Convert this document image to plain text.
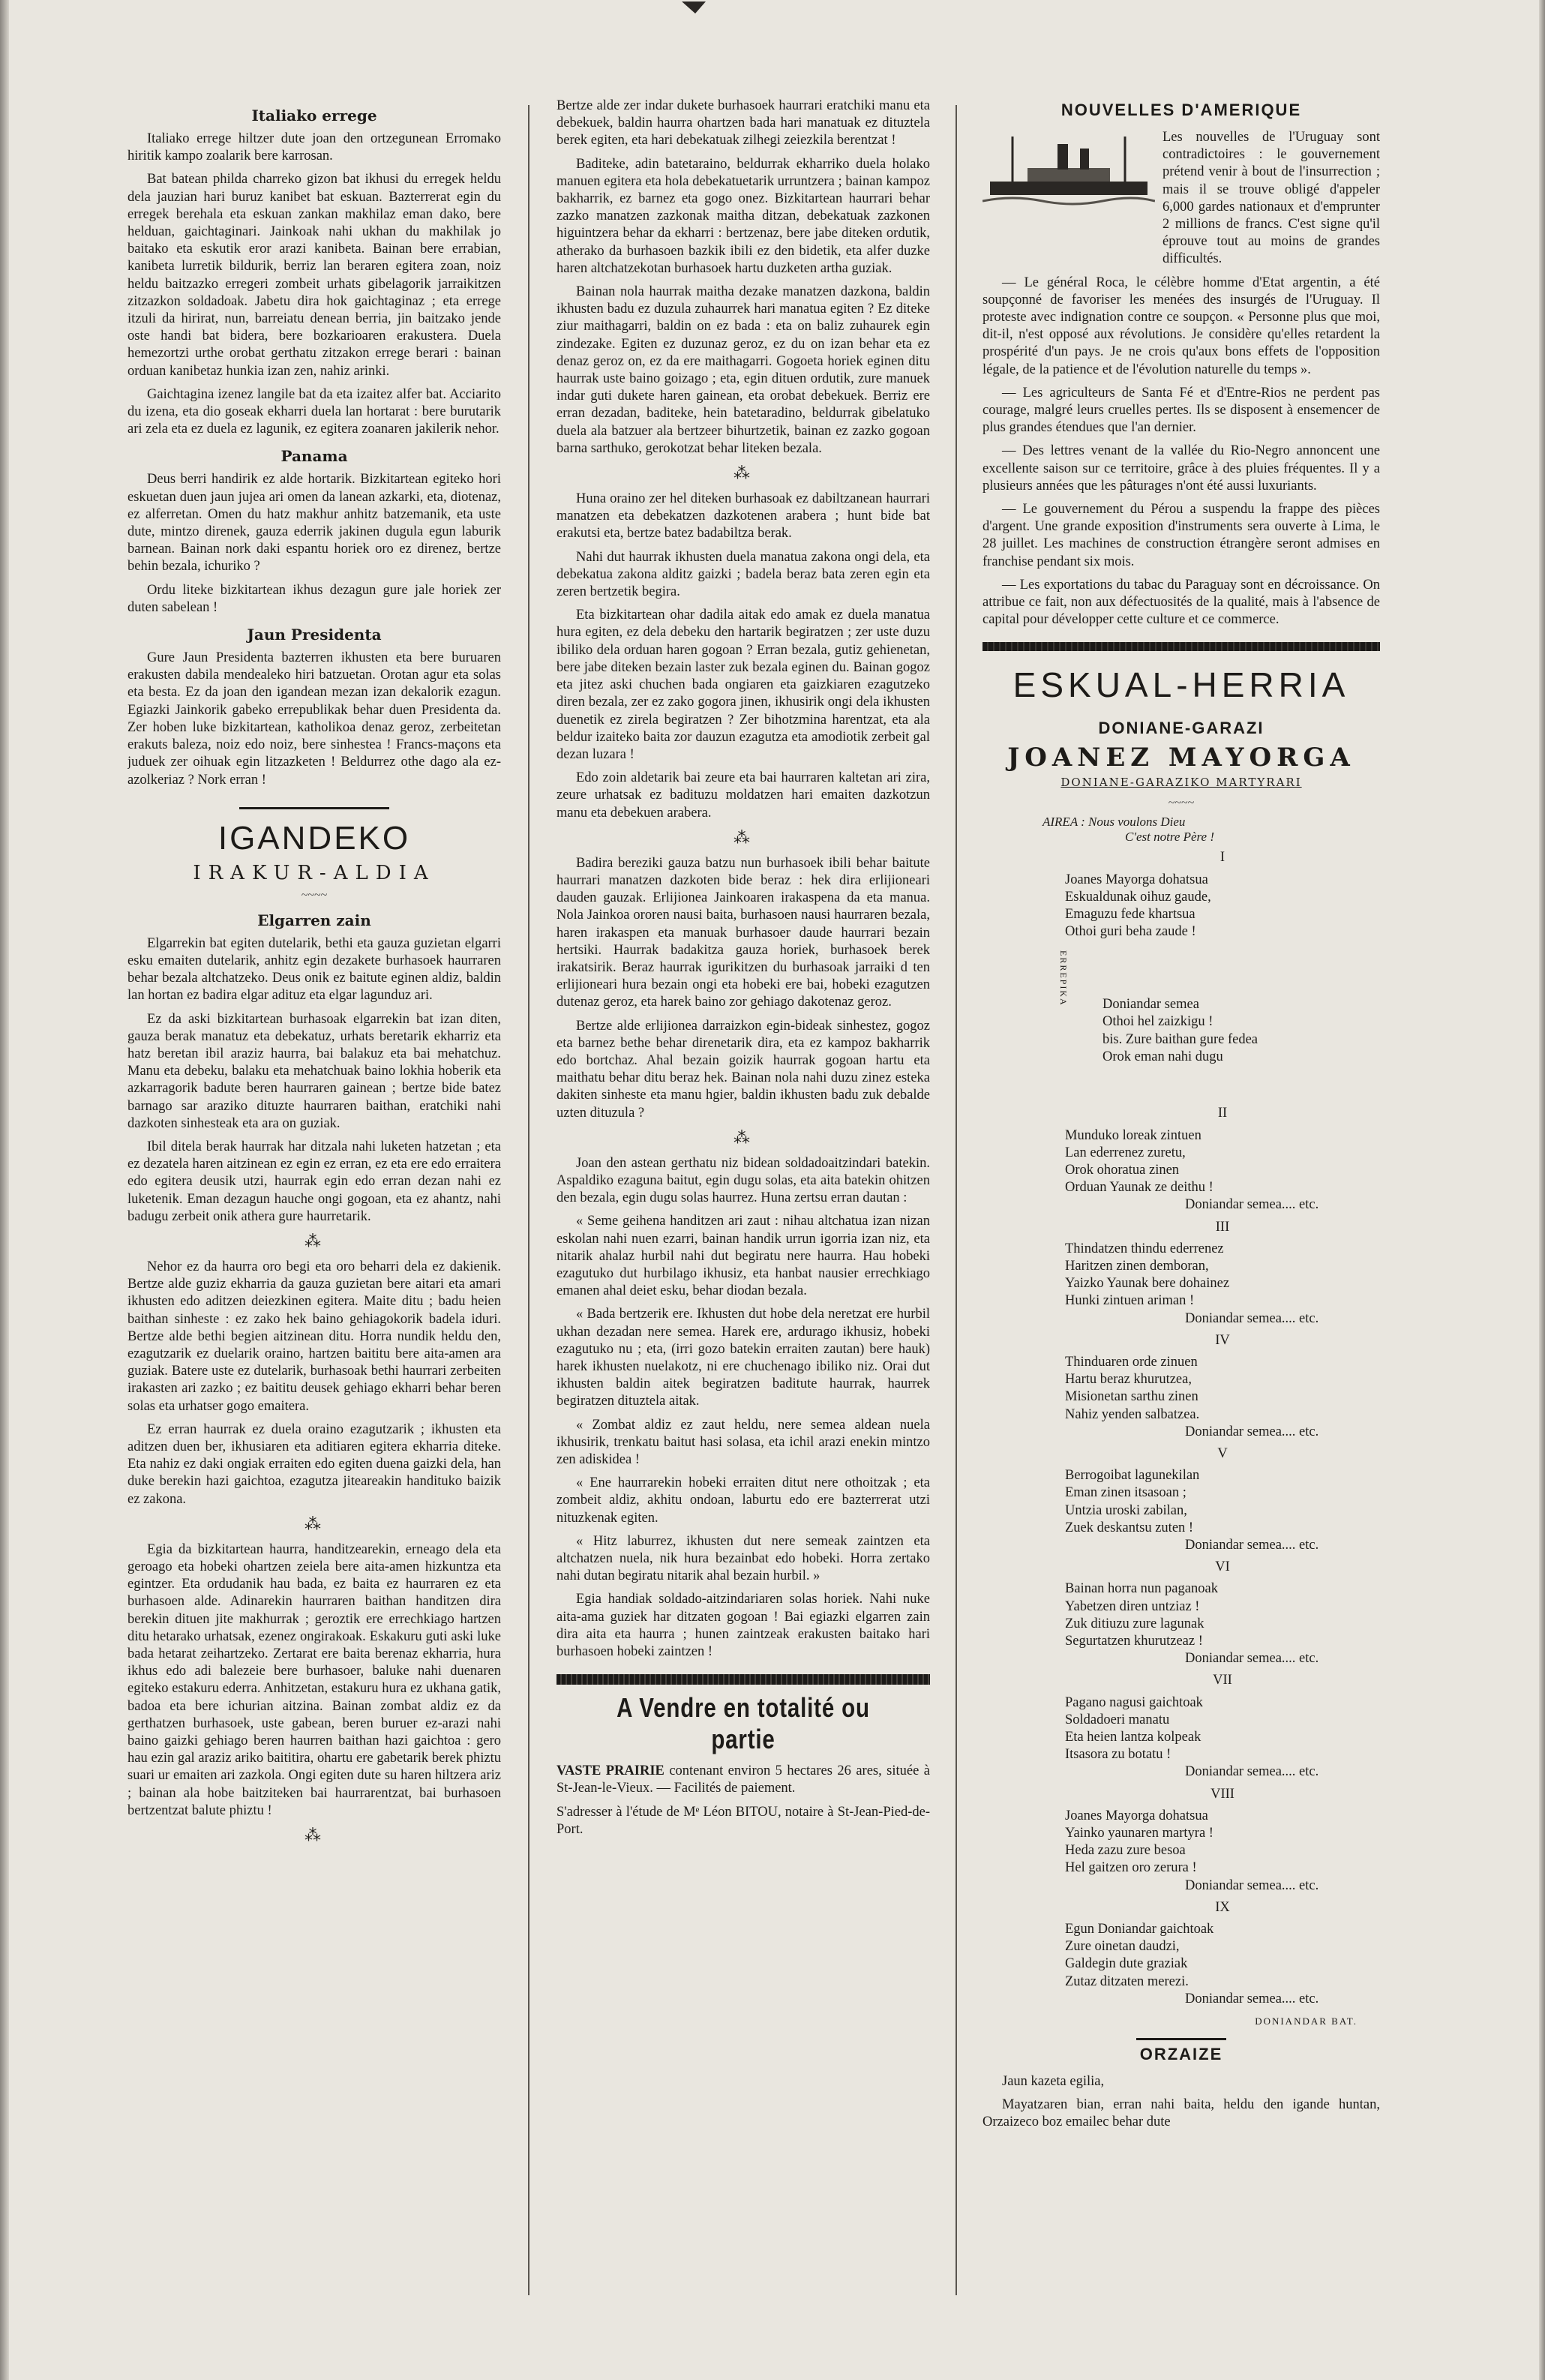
Italiako errege

Italiako errege hiltzer dute joan den ortzegunean Erromako hiritik kampo zoalarik bere karrosan.

Bat batean philda charreko gizon bat ikhusi du erregek heldu dela jauzian hari buruz kanibet bat eskuan. Bazterrerat egin du erregek berehala eta eskuan zankan makhilaz eman dako, bere helduan, gaichtaginari. Jainkoak nahi ukhan du makhilak jo baitako eta eskutik eror arazi kanibeta. Bainan bere errabian, kanibeta lurretik bildurik, berriz lan beraren egitera zoan, noiz heldu baitzazko erregeri zombeit urhats gibelagorik jarraikitzen zitzazkon soldadoak. Jabetu dira hok gaichtaginaz ; eta errege itzuli da hirirat, nun, barreiatu denean berria, jin baitzako jende oste handi bat bidera, bere bozkarioaren erakustera. Duela hemezortzi urthe orobat gerthatu zitzakon errege berari : bainan orduan kanibetaz hunkia izan zen, nahiz arinki.

Gaichtagina izenez langile bat da eta izaitez alfer bat. Acciarito du izena, eta dio goseak ekharri duela lan hortarat : bere burutarik ari zela eta ez duela ez lagunik, ez egitera zoanaren jakilerik nehor.

Panama

Deus berri handirik ez alde hortarik. Bizkitartean egiteko hori eskuetan duen jaun jujea ari omen da lanean azkarki, eta, diotenaz, ez alferretan. Omen du hatz makhur anhitz batzemanik, eta uste dute, mintzo direnek, gauza ederrik jakinen dugula egun laburik barnean. Bainan nork daki espantu horiek oro ez direnez, bertze behin bezala, ichuriko ?

Ordu liteke bizkitartean ikhus dezagun gure jale horiek zer duten sabelean !

Jaun Presidenta

Gure Jaun Presidenta bazterren ikhusten eta bere buruaren erakusten dabila mendealeko hiri batzuetan. Orotan agur eta solas eta besta. Ez da joan den igandean mezan izan dekalorik ezagun. Egiazki Jainkorik gabeko errepublikak behar duen Presidenta da. Zer hoben luke bizkitartean, katholikoa denaz geroz, zerbeitetan erakuts baleza, noiz edo noiz, bere sinhestea ! Francs-maçons eta juduek zer oihuak egin litzazketen ! Beldurrez othe dago ala ez-azolkeriaz ? Nork erran !

IGANDEKO
IRAKUR-ALDIA
~~~~
Elgarren zain

Elgarrekin bat egiten dutelarik, bethi eta gauza guzietan elgarri esku emaiten dutelarik, anhitz egin dezakete burhasoek haurraren behar bezala altchatzeko. Deus onik ez baitute eginen aldiz, baldin lan hortan ez badira elgar adituz eta elgar lagunduz ari.

Ez da aski bizkitartean burhasoak elgarrekin bat izan diten, gauza berak manatuz eta debekatuz, urhats beretarik ekharriz eta hatz beretan ibil araziz haurra, bai balakuz eta bai mehatchuz. Manu eta debeku, balaku eta mehatchuak baino lokhia hoberik eta azkarragorik badute beren haurraren gainean ; bertze bide batez barnago sar araziko dituzte haurraren baithan, eratchiki nahi dazkoten sinhesteak eta ara on guziak.

Ibil ditela berak haurrak har ditzala nahi luketen hatzetan ; eta ez dezatela haren aitzinean ez egin ez erran, ez eta ere edo erraitera edo egitera deusik utzi, haurrak egin edo erran dezan nahi ez luketenik. Eman dezagun hauche ongi gogoan, eta ez ahantz, nahi badugu zerbeit onik athera gure haurretarik.

⁂

Nehor ez da haurra oro begi eta oro beharri dela ez dakienik. Bertze alde guziz ekharria da gauza guzietan bere aitari eta amari ikhusten edo aditzen deiezkinen egitera. Maite ditu ; badu heien baithan sinheste : ez zako hek baino gehiagokorik badela iduri. Bertze alde bethi begien aitzinean ditu. Horra nundik heldu den, ezagutzarik ez duelarik oraino, hartzen baititu bere aita-amen ara guziak. Batere uste ez dutelarik, burhasoak bethi haurrari zerbeiten irakasten ari zazko ; ez baititu deusek gehiago ekharri behar beren solas eta urhatser gogo emaitera.

Ez erran haurrak ez duela oraino ezagutzarik ; ikhusten eta aditzen duen ber, ikhusiaren eta aditiaren egitera ekharria diteke. Eta nahiz ez daki ongiak erraiten edo egiten duena gaizki dela, han duke berekin hazi gaichtoa, ezagutza jiteareakin handituko baizik ez zakona.

⁂

Egia da bizkitartean haurra, handitzearekin, erneago dela eta geroago eta hobeki ohartzen zeiela bere aita-amen hizkuntza eta egintzer. Eta ordudanik hau bada, ez baita ez haurraren ez eta burhasoen alde. Adinarekin haurraren baithan handitzen dira berekin dituen jite makhurrak ; geroztik ere errechkiago hartzen ditu hetarako urhatsak, ezenez ongirakoak. Eskakuru guti aski luke bada hetarat zeihartzeko. Zertarat ere baita berenaz ekharria, hura ikhus edo adi balezeie bere burhasoer, baluke nahi duenaren egiteko estakuru ederra. Anhitzetan, estakuru hura ez ukhana gatik, badoa eta bere ichurian aitzina. Bainan zombat aldiz ez da gerthatzen burhasoek, uste gabean, beren buruer ez-arazi nahi baino gaizki gehiago beren haurren baithan hazi gaichtoa : gero hau ezin gal araziz ariko baititira, ohartu ere gabetarik berek phiztu suari ur emaiten ari zazkola. Ongi egiten dute su haren hiltzera ariz ; bainan ala hobe baitziteken bai haurrarentzat, bai burhasoen bertzentzat balute phiztu !

⁂

Bertze alde zer indar dukete burhasoek haurrari eratchiki manu eta debekuek, baldin haurra ohartzen bada hari manatuak ez dituztela berek egiten, eta hari debekatuak zilhegi zeiezkila berentzat !

Baditeke, adin batetaraino, beldurrak ekharriko duela holako manuen egitera eta hola debekatuetarik urruntzera ; bainan kampoz bakharrik, ez barnez eta gogo onez. Bizkitartean haurrari behar zazko manatzen zazkonak maitha ditzan, debekatuak zazkonen higuintzera behar da ekharri : bertzenaz, bere jabe diteken ordutik, atherako da burhasoen bazkik ibili ez den bidetik, eta alfer duzke haren altchatzekotan burhasoek hartu duzketen artha guziak.

Bainan nola haurrak maitha dezake manatzen dazkona, baldin ikhusten badu ez duzula zuhaurrek hari manatua egiten ? Ez diteke ziur maithagarri, baldin on ez bada : eta on baliz zuhaurek egin zindezake. Egiten ez duzunaz geroz, ez du on izan behar eta ez denaz geroz on, ez da ere maithagarri. Gogoeta horiek eginen ditu haurrak uste baino goizago ; eta, egin dituen ordutik, zure manuek indar guti dukete haren gainean, eta orobat debekuek. Berriz ere erran dezadan, baditeke, hein batetaradino, beldurrak gibelatuko duela ala batzuer ala bertzeer bihurtzetik, bainan ez zazko gogoan barna sarthuko, gerokotzat behar liteken bezala.

⁂

Huna oraino zer hel diteken burhasoak ez dabiltzanean haurrari manatzen eta debekatzen dazkotenen arabera ; hunt bide bat erakutsi eta, bertze batez badabiltza berak.

Nahi dut haurrak ikhusten duela manatua zakona ongi dela, eta debekatua zakona alditz gaizki ; badela beraz bata zeren egin eta zeren bertzetik begira.

Eta bizkitartean ohar dadila aitak edo amak ez duela manatua hura egiten, ez dela debeku den hartarik begiratzen ; zer uste duzu ibiliko dela orduan haren gogoan ? Erran bezala, gutiz gehienetan, bere jabe diteken bezain laster zuk bezala eginen du. Bainan gogoz eta jitez aski chuchen bada ongiaren eta gaizkiaren ezagutzeko diren bezala, zer ez zako gogora jinen, ikhusirik ongi dela ikhusten duenetik ez zirela begiratzen ? Zer bihotzmina harentzat, eta ala beldur izaiteko baita zor dauzun ezagutza eta amodiotik zerbeit gal dezan luzara !

Edo zoin aldetarik bai zeure eta bai haurraren kaltetan ari zira, zeure urhatsak ez badituzu moldatzen hari emaiten dazkotzun manu eta debekuen arabera.

⁂

Badira bereziki gauza batzu nun burhasoek ibili behar baitute haurrari manatzen dazkoten bide beraz : hek dira erlijioneari dauden gauzak. Erlijionea Jainkoaren irakaspena da eta manua. Nola Jainkoa ororen nausi baita, burhasoen nausi haurraren bezala, haren irakaspen eta manuak burhasoer daude haurrari bezain hertsiki. Haurrak badakitza gauza horiek, burhasoek berek irakatsirik. Beraz haurrak igurikitzen du burhasoak jarraiki d ten erlijioneari hura bezain ongi eta hobeki ere bai, hobeki ezagutzen dutenaz geroz, eta harek baino zor gehiago dakotenaz geroz.

Bertze alde erlijionea darraizkon egin-bideak sinhestez, gogoz eta barnez bethe behar direnetarik dira, eta ez kampoz bakharrik edo bortchaz. Ahal bezain goizik haurrak gogoan hartu eta maithatu behar ditu beraz hek. Bainan nola nahi duzu zinez esteka dakiten sinheste eta manu hgier, baldin ikhusten badu zuk debalde uzten dituzula ?

⁂

Joan den astean gerthatu niz bidean soldadoaitzindari batekin. Aspaldiko ezaguna baitut, egin dugu solas, eta aita batekin ohitzen den bezala, egin dugu solas haurrez. Huna zertsu erran dautan :

« Seme geihena handitzen ari zaut : nihau altchatua izan nizan eskolan nahi nuen ezarri, bainan handik urrun igorria izan niz, eta nitarik ahalaz hurbil nahi dut begiratu nere haurra. Hau hobeki ezagutuko dut hurbilago ikhusiz, eta hanbat nausier errechkiago emanen ahal deiet esku, behar diodan bezala.

« Bada bertzerik ere. Ikhusten dut hobe dela neretzat ere hurbil ukhan dezadan nere semea. Harek ere, ardurago ikhusiz, hobeki ezagutuko nu ; eta, (irri gozo batekin erraiten zautan) bere hauk) harek ikhusten nuelakotz, ni ere chuchenago ibiliko niz. Orai dut ikhusten baldin aitek begiratzen baditute haurrak, haurrek begiratzen dituztela aitak.

« Zombat aldiz ez zaut heldu, nere semea aldean nuela ikhusirik, trenkatu baitut hasi solasa, eta ichil arazi enekin mintzo zen adiskidea !

« Ene haurrarekin hobeki erraiten ditut nere othoitzak ; eta zombeit aldiz, akhitu ondoan, laburtu edo ere bazterrerat utzi nituzkenak egiten.

« Hitz laburrez, ikhusten dut nere semeak zaintzen eta altchatzen nuela, nik hura bezainbat edo hobeki. Horra zertako nahi dutan begiratu nitarik ahal bezain hurbil. »

Egia handiak soldado-aitzindariaren solas horiek. Nahi nuke aita-ama guziek har ditzaten gogoan ! Bai egiazki elgarren zain dira aita eta haurra ; hunen zaintzeak erakusten baitako hari burhasoen hobeki zaintzen !

A Vendre en totalité ou partie

VASTE PRAIRIE contenant environ 5 hectares 26 ares, située à St-Jean-le-Vieux. — Facilités de paiement.

S'adresser à l'étude de Mᵉ Léon BITOU, notaire à St-Jean-Pied-de-Port.

NOUVELLES D'AMERIQUE

Les nouvelles de l'Uruguay sont contradictoires : le gouvernement prétend venir à bout de l'insurrection ; mais il se trouve obligé d'appeler 6,000 gardes nationaux et d'emprunter 2 millions de francs. C'est signe qu'il éprouve tout au moins de grandes difficultés.

— Le général Roca, le célèbre homme d'Etat argentin, a été soupçonné de favoriser les menées des insurgés de l'Uruguay. Il proteste avec indignation contre ce soupçon. « Personne plus que moi, dit-il, n'est opposé aux révolutions. Je considère qu'elles retardent la prospérité d'un pays. Je ne crois qu'aux bons effets de l'opposition légale, de la patience et de l'évolution naturelle du temps ».

— Les agriculteurs de Santa Fé et d'Entre-Rios ne perdent pas courage, malgré leurs cruelles pertes. Ils se disposent à ensemencer de plus grandes étendues que l'an dernier.

— Des lettres venant de la vallée du Rio-Negro annoncent une excellente saison sur ce territoire, grâce à des pluies fréquentes. Il y a plusieurs années que les pâturages n'ont été aussi luxuriants.

— Le gouvernement du Pérou a suspendu la frappe des pièces d'argent. Une grande exposition d'instruments sera ouverte à Lima, le 28 juillet. Les machines de construction étrangère seront admises en franchise pendant six mois.

— Les exportations du tabac du Paraguay sont en décroissance. On attribue ce fait, non aux défectuosités de la qualité, mais à l'absence de capital pour développer cette culture et ce commerce.

ESKUAL-HERRIA
DONIANE-GARAZI
JOANEZ MAYORGA
DONIANE-GARAZIKO MARTYRARI
~~~~
AIREA : Nous voulons Dieu
C'est notre Père !
I
Joanes Mayorga dohatsua
Eskualdunak oihuz gaude,
Emaguzu fede khartsua
Othoi guri beha zaude !

ERREPIKA

	Doniandar semea
Othoi hel zaizkigu !
bis. Zure baithan gure fedea
Orok eman nahi dugu

II
Munduko loreak zintuen
Lan ederrenez zuretu,
Orok ohoratua zinen
Orduan Yaunak ze deithu !
Doniandar semea.... etc.
III
Thindatzen thindu ederrenez
Haritzen zinen demboran,
Yaizko Yaunak bere dohainez
Hunki zintuen ariman !
Doniandar semea.... etc.
IV
Thinduaren orde zinuen
Hartu beraz khurutzea,
Misionetan sarthu zinen
Nahiz yenden salbatzea.
Doniandar semea.... etc.
V
Berrogoibat lagunekilan
Eman zinen itsasoan ;
Untzia uroski zabilan,
Zuek deskantsu zuten !
Doniandar semea.... etc.
VI
Bainan horra nun paganoak
Yabetzen diren untziaz !
Zuk ditiuzu zure lagunak
Segurtatzen khurutzeaz !
Doniandar semea.... etc.
VII
Pagano nagusi gaichtoak
Soldadoeri manatu
Eta heien lantza kolpeak
Itsasora zu botatu !
Doniandar semea.... etc.
VIII
Joanes Mayorga dohatsua
Yainko yaunaren martyra !
Heda zazu zure besoa
Hel gaitzen oro zerura !
Doniandar semea.... etc.
IX
Egun Doniandar gaichtoak
Zure oinetan daudzi,
Galdegin dute graziak
Zutaz ditzaten merezi.
Doniandar semea.... etc.
DONIANDAR BAT.
ORZAIZE

Jaun kazeta egilia,

Mayatzaren bian, erran nahi baita, heldu den igande huntan, Orzaizeco boz emailec behar dute
